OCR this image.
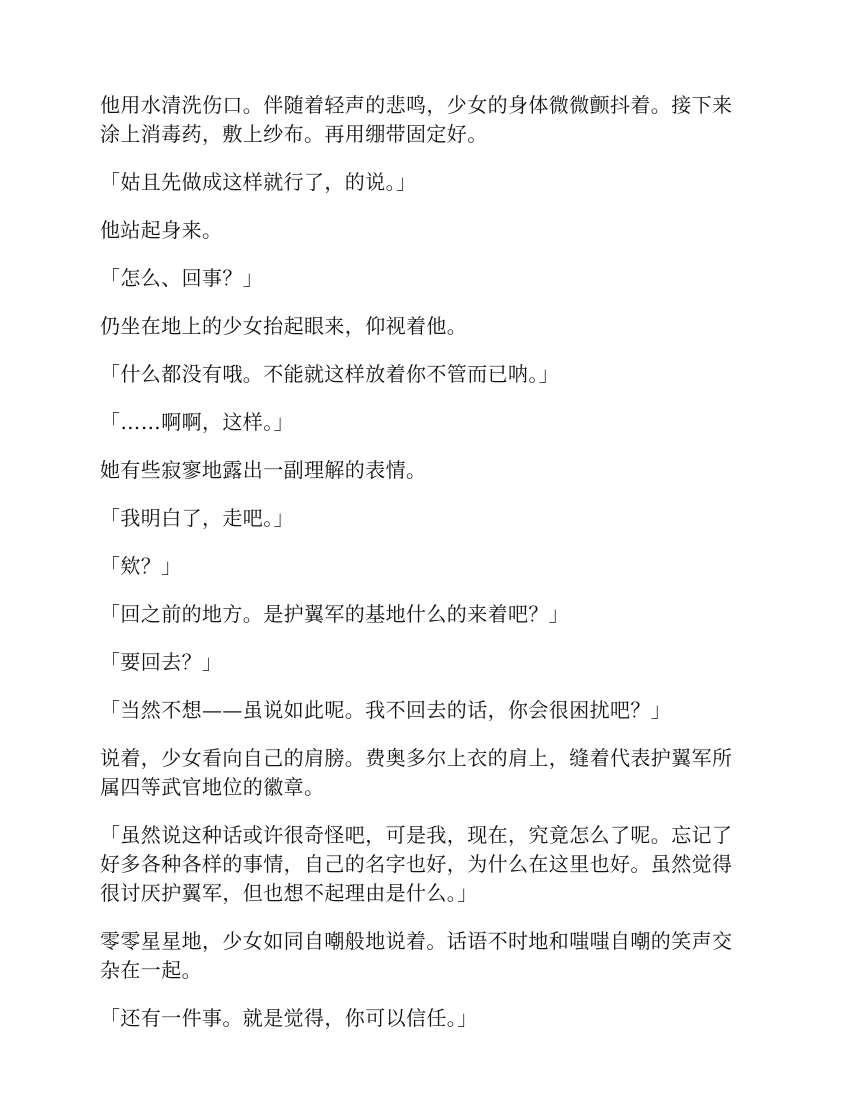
他用水清洗伤口。伴随着轻声的悲鸣，少女的身体微微颤抖着。接下来涂上消毒药，敷上纱布。再用绷带固定好。

「姑且先做成这样就行了，的说。」

他站起身来。

「怎么、回事？」

仍坐在地上的少女抬起眼来，仰视着他。

「什么都没有哦。不能就这样放着你不管而已呐。」

「……啊啊，这样。」

她有些寂寥地露出一副理解的表情。

「我明白了，走吧。」

「欸？」

「回之前的地方。是护翼军的基地什么的来着吧？」

「要回去？」

「当然不想——虽说如此呢。我不回去的话，你会很困扰吧？」

说着，少女看向自己的肩膀。费奥多尔上衣的肩上，缝着代表护翼军所属四等武官地位的徽章。

「虽然说这种话或许很奇怪吧，可是我，现在，究竟怎么了呢。忘记了好多各种各样的事情，自己的名字也好，为什么在这里也好。虽然觉得很讨厌护翼军，但也想不起理由是什么。」

零零星星地，少女如同自嘲般地说着。话语不时地和嗤嗤自嘲的笑声交杂在一起。

「还有一件事。就是觉得，你可以信任。」
